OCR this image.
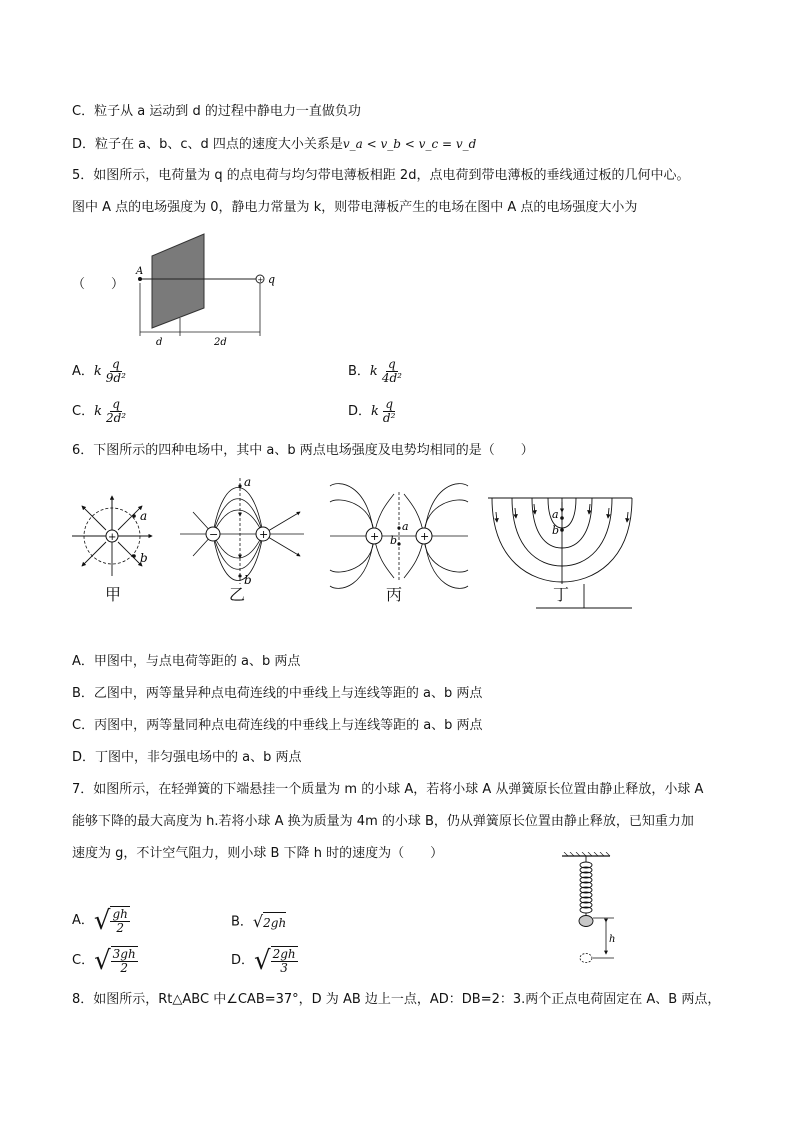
C．粒子从 a 运动到 d 的过程中静电力一直做负功
D．粒子在 a、b、c、d 四点的速度大小关系是v_a < v_b < v_c = v_d
5．如图所示，电荷量为 q 的点电荷与均匀带电薄板相距 2d，点电荷到带电薄板的垂线通过板的几何中心。
图中 A 点的电场强度为 0，静电力常量为 k，则带电薄板产生的电场在图中 A 点的电场强度大小为
（　　）
A
+ q
d	2d
A．k $\frac{q}{\text{9d²}}$	B．k $\frac{q}{\text{4d²}}$
C．k $\frac{q}{\text{2d²}}$	D．k $\frac{q}{\text{d²}}$
6．下图所示的四种电场中，其中 a、b 两点电场强度及电势均相同的是（　　）
+
a
b
−	+
a
b
+	+
a
b
a
b
甲	乙	丙	丁
A．甲图中，与点电荷等距的 a、b 两点
B．乙图中，两等量异种点电荷连线的中垂线上与连线等距的 a、b 两点
C．丙图中，两等量同种点电荷连线的中垂线上与连线等距的 a、b 两点
D．丁图中，非匀强电场中的 a、b 两点
7．如图所示，在轻弹簧的下端悬挂一个质量为 m 的小球 A，若将小球 A 从弹簧原长位置由静止释放，小球 A
能够下降的最大高度为 h.若将小球 A 换为质量为 4m 的小球 B，仍从弹簧原长位置由静止释放，已知重力加
速度为 g，不计空气阻力，则小球 B 下降 h 时的速度为（　　）
h
A． √ $\frac{gh}{2}$	B． √ 2gh
C． √ $\frac{3gh}{2}$	D． √ $\frac{2gh}{3}$
8．如图所示，Rt△ABC 中∠CAB=37°，D 为 AB 边上一点，AD：DB=2：3.两个正点电荷固定在 A、B 两点，
